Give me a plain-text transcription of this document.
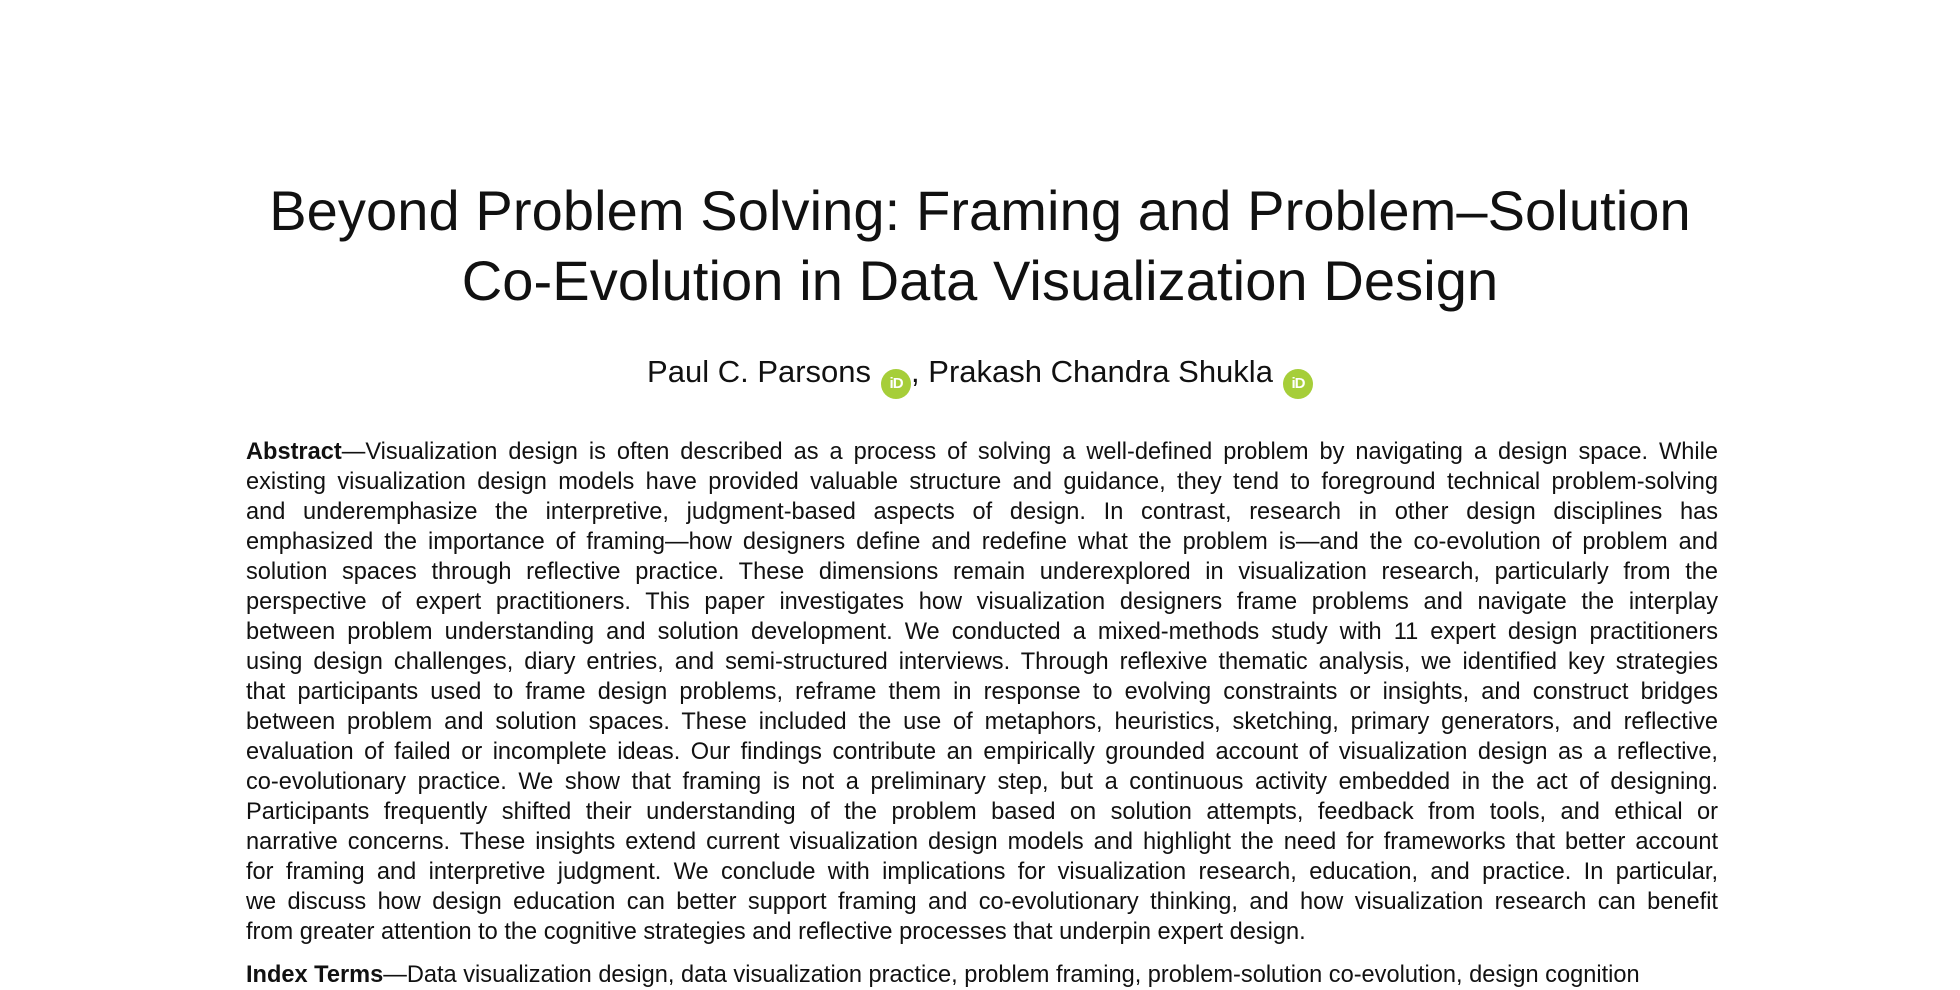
Beyond Problem Solving: Framing and Problem–Solution
Co-Evolution in Data Visualization Design
Paul C. Parsons iD , Prakash Chandra Shukla iD
Abstract—Visualization design is often described as a process of solving a well-defined problem by navigating a design space. While
existing visualization design models have provided valuable structure and guidance, they tend to foreground technical problem-solving
and underemphasize the interpretive, judgment-based aspects of design. In contrast, research in other design disciplines has
emphasized the importance of framing—how designers define and redefine what the problem is—and the co-evolution of problem and
solution spaces through reflective practice. These dimensions remain underexplored in visualization research, particularly from the
perspective of expert practitioners. This paper investigates how visualization designers frame problems and navigate the interplay
between problem understanding and solution development. We conducted a mixed-methods study with 11 expert design practitioners
using design challenges, diary entries, and semi-structured interviews. Through reflexive thematic analysis, we identified key strategies
that participants used to frame design problems, reframe them in response to evolving constraints or insights, and construct bridges
between problem and solution spaces. These included the use of metaphors, heuristics, sketching, primary generators, and reflective
evaluation of failed or incomplete ideas. Our findings contribute an empirically grounded account of visualization design as a reflective,
co-evolutionary practice. We show that framing is not a preliminary step, but a continuous activity embedded in the act of designing.
Participants frequently shifted their understanding of the problem based on solution attempts, feedback from tools, and ethical or
narrative concerns. These insights extend current visualization design models and highlight the need for frameworks that better account
for framing and interpretive judgment. We conclude with implications for visualization research, education, and practice. In particular,
we discuss how design education can better support framing and co-evolutionary thinking, and how visualization research can benefit
from greater attention to the cognitive strategies and reflective processes that underpin expert design.
Index Terms—Data visualization design, data visualization practice, problem framing, problem-solution co-evolution, design cognition
